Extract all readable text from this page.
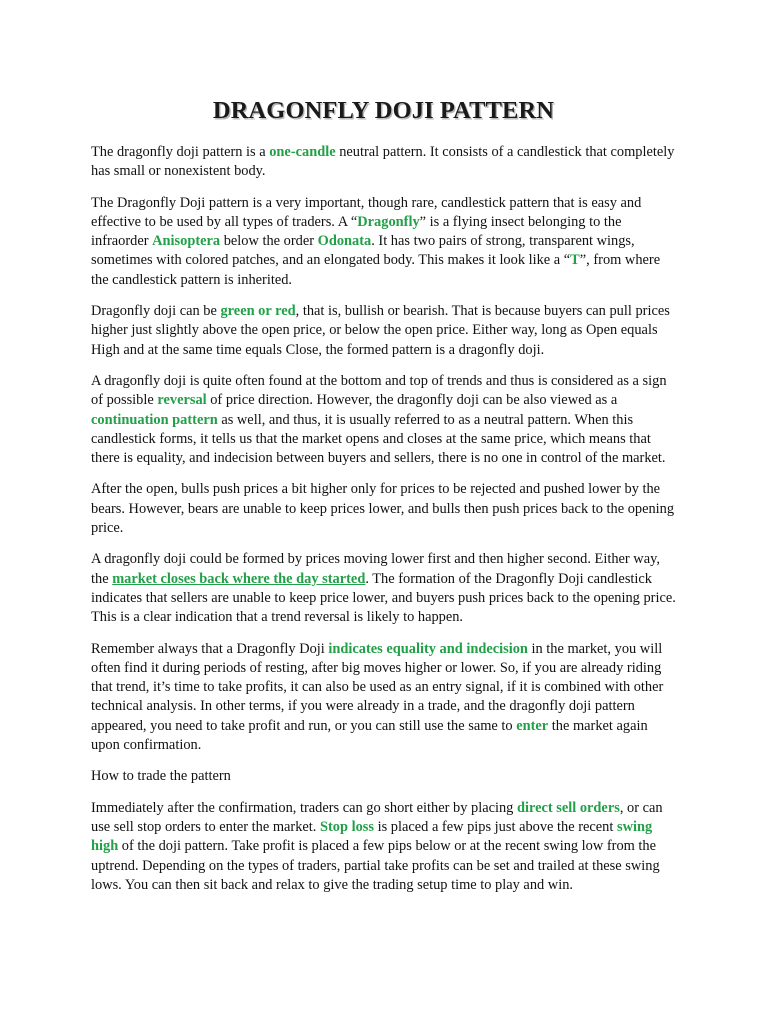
DRAGONFLY DOJI PATTERN

The dragonfly doji pattern is a one-candle neutral pattern. It consists of a candlestick that completely has small or nonexistent body.

The Dragonfly Doji pattern is a very important, though rare, candlestick pattern that is easy and effective to be used by all types of traders. A “Dragonfly” is a flying insect belonging to the infraorder Anisoptera below the order Odonata. It has two pairs of strong, transparent wings, sometimes with colored patches, and an elongated body. This makes it look like a “T”, from where the candlestick pattern is inherited.

Dragonfly doji can be green or red, that is, bullish or bearish. That is because buyers can pull prices higher just slightly above the open price, or below the open price. Either way, long as Open equals High and at the same time equals Close, the formed pattern is a dragonfly doji.

A dragonfly doji is quite often found at the bottom and top of trends and thus is considered as a sign of possible reversal of price direction. However, the dragonfly doji can be also viewed as a continuation pattern as well, and thus, it is usually referred to as a neutral pattern. When this candlestick forms, it tells us that the market opens and closes at the same price, which means that there is equality, and indecision between buyers and sellers, there is no one in control of the market.

After the open, bulls push prices a bit higher only for prices to be rejected and pushed lower by the bears. However, bears are unable to keep prices lower, and bulls then push prices back to the opening price.

A dragonfly doji could be formed by prices moving lower first and then higher second. Either way, the market closes back where the day started. The formation of the Dragonfly Doji candlestick indicates that sellers are unable to keep price lower, and buyers push prices back to the opening price. This is a clear indication that a trend reversal is likely to happen.

Remember always that a Dragonfly Doji indicates equality and indecision in the market, you will often find it during periods of resting, after big moves higher or lower. So, if you are already riding that trend, it’s time to take profits, it can also be used as an entry signal, if it is combined with other technical analysis. In other terms, if you were already in a trade, and the dragonfly doji pattern appeared, you need to take profit and run, or you can still use the same to enter the market again upon confirmation.

How to trade the pattern

Immediately after the confirmation, traders can go short either by placing direct sell orders, or can use sell stop orders to enter the market. Stop loss is placed a few pips just above the recent swing high of the doji pattern. Take profit is placed a few pips below or at the recent swing low from the uptrend. Depending on the types of traders, partial take profits can be set and trailed at these swing lows. You can then sit back and relax to give the trading setup time to play and win.
